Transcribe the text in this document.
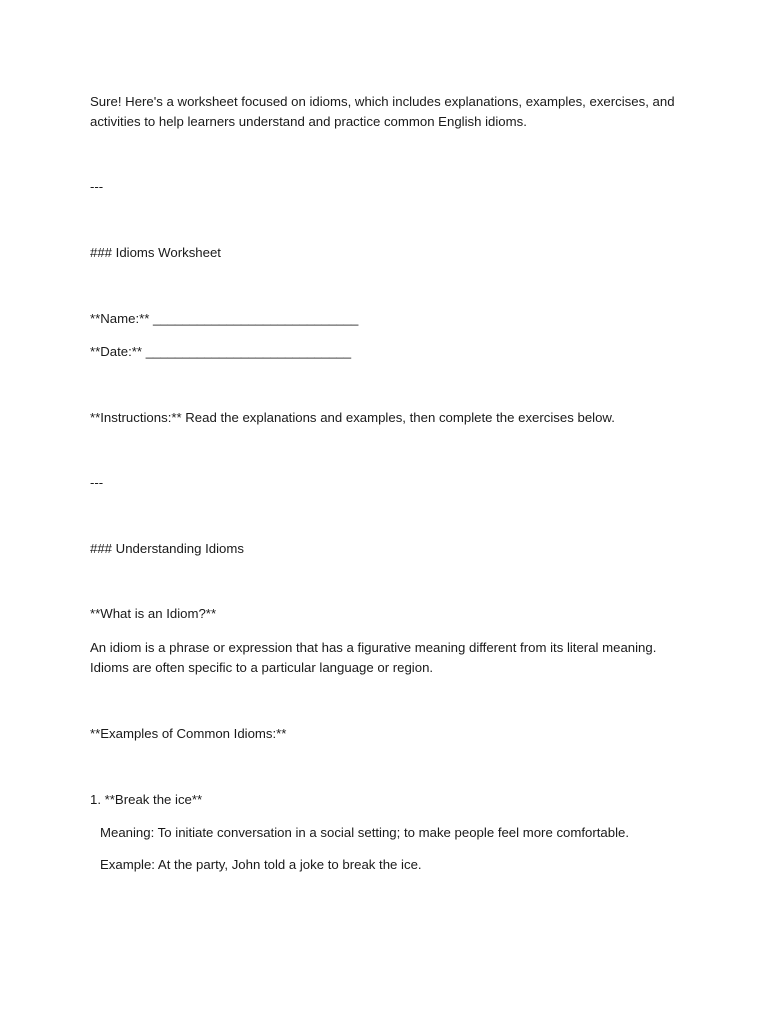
Sure! Here's a worksheet focused on idioms, which includes explanations, examples, exercises, and

activities to help learners understand and practice common English idioms.

---

### Idioms Worksheet

**Name:** ____________________________

**Date:** ____________________________

**Instructions:** Read the explanations and examples, then complete the exercises below.

---

### Understanding Idioms

**What is an Idiom?**

An idiom is a phrase or expression that has a figurative meaning different from its literal meaning.

Idioms are often specific to a particular language or region.

**Examples of Common Idioms:**

1. **Break the ice**

Meaning: To initiate conversation in a social setting; to make people feel more comfortable.

Example: At the party, John told a joke to break the ice.
